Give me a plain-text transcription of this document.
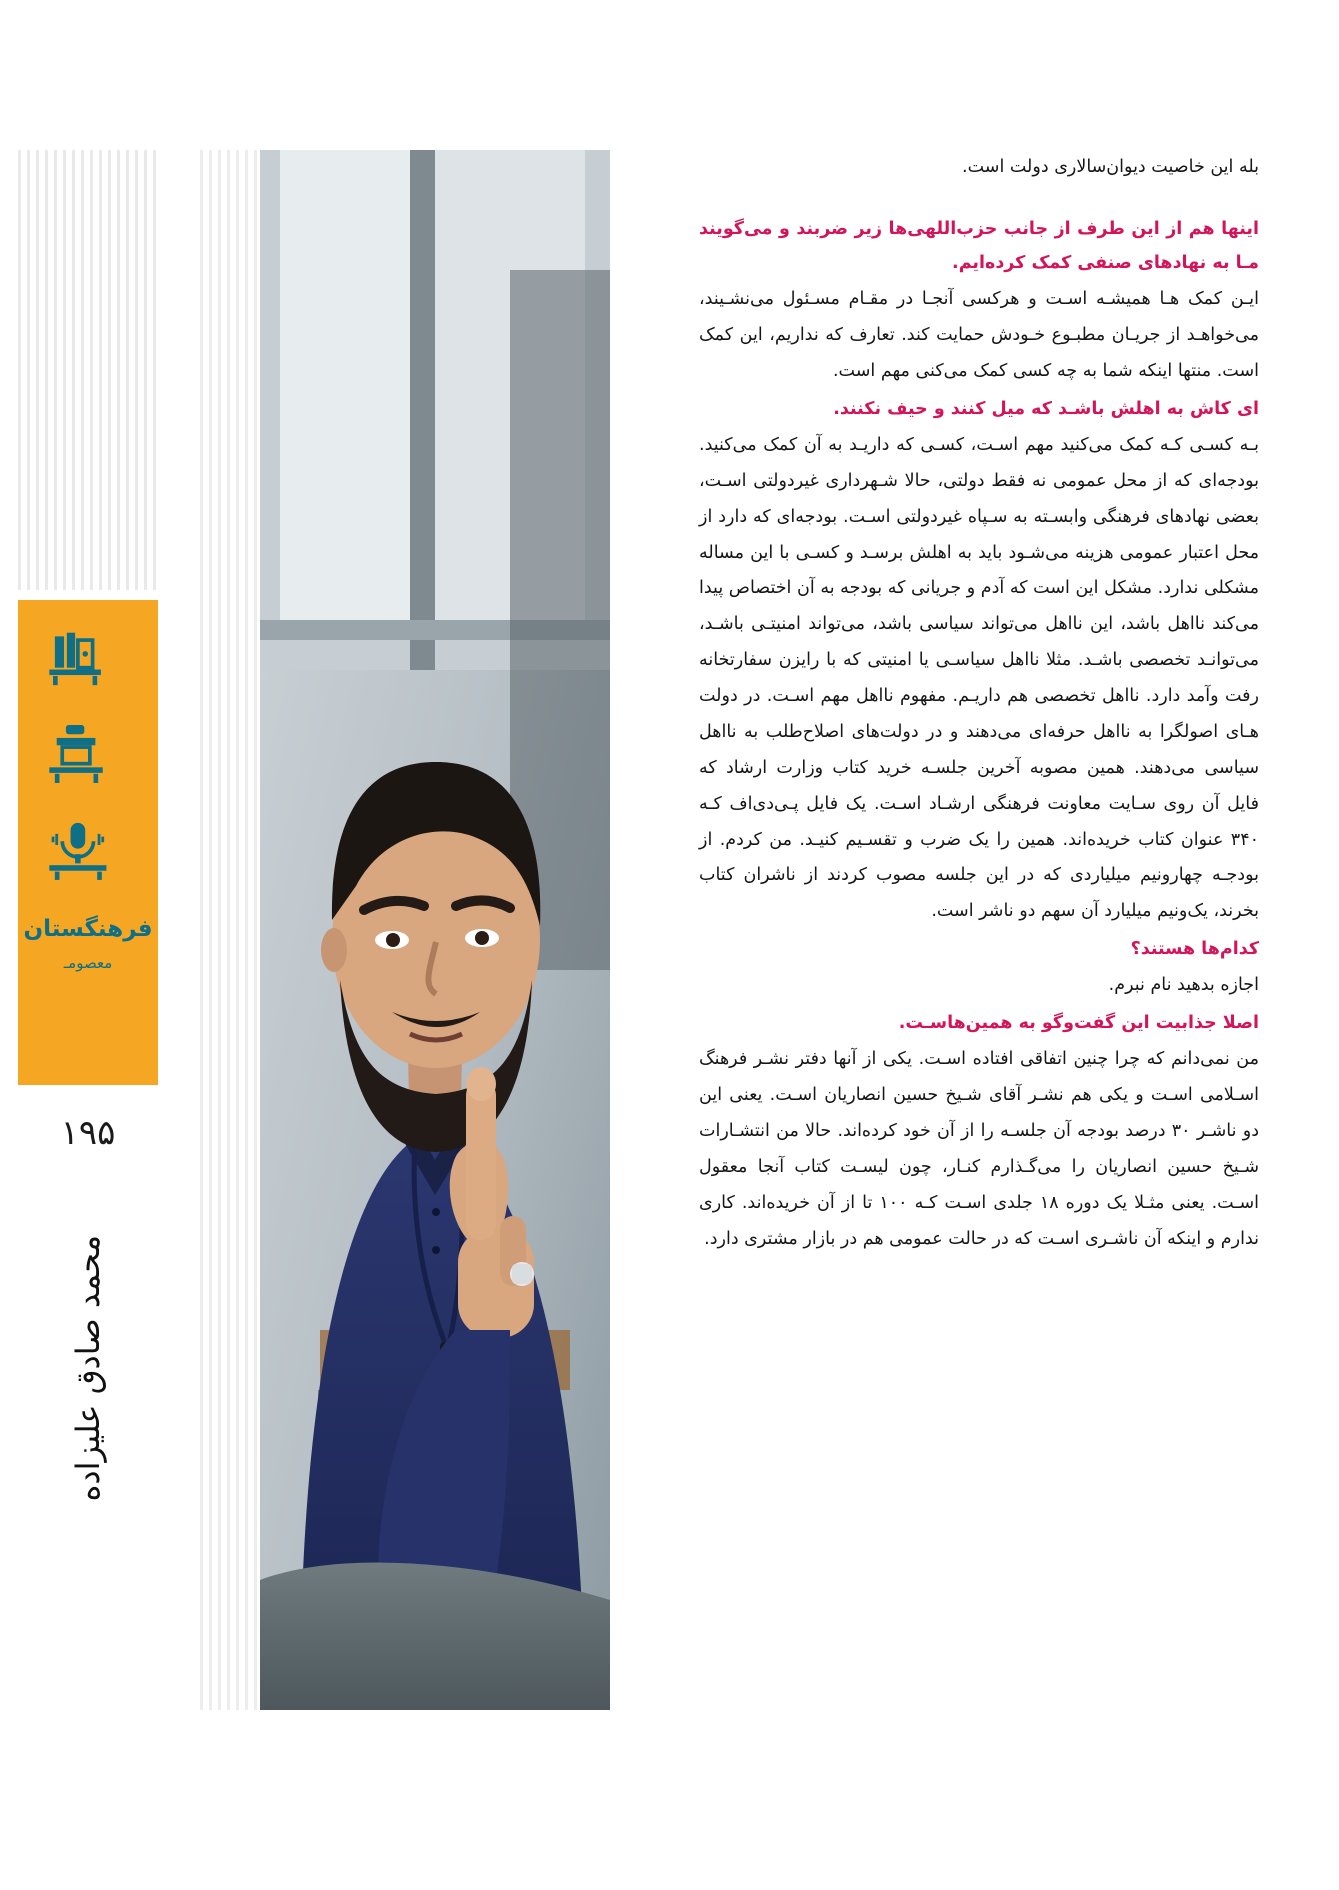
فرهنگستان
معصومـ
۱۹۵
محمد صادق علیزاده

بله این خاصیت دیوان‌سالاری دولت است.

اینها هم از این طرف از جانب حزب‌اللهی‌ها زیر ضربند و می‌گویند مـا به نهادهای صنفی کمک کرده‌ایم.

ایـن کمک هـا همیشـه اسـت و هرکسی آنجـا در مقـام مسـئول می‌نشـیند، می‌خواهـد از جریـان مطبـوع خـودش حمایت کند. تعارف که نداریم، این کمک است. منتها اینکه شما به چه کسی کمک می‌کنی مهم است.

ای کاش به اهلش باشـد که میل کنند و حیف نکنند.

بـه کسـی کـه کمک می‌کنید مهم اسـت، کسـی که داریـد به آن کمک می‌کنید. بودجه‌ای که از محل عمومی نه فقط دولتی، حالا شـهرداری غیردولتی اسـت، بعضی نهادهای فرهنگی وابسـته به سـپاه غیردولتی اسـت. بودجه‌ای که دارد از محل اعتبار عمومی هزینه می‌شـود باید به اهلش برسـد و کسـی با این مساله مشکلی ندارد. مشکل این است که آدم و جریانی که بودجه به آن اختصاص پیدا می‌کند نااهل باشد، این نااهل می‌تواند سیاسی باشد، می‌تواند امنیتـی باشـد، می‌توانـد تخصصی باشـد. مثلا نااهل سیاسـی یا امنیتی که با رایزن سفارتخانه رفت وآمد دارد. نااهل تخصصی هم داریـم. مفهوم نااهل مهم اسـت. در دولت هـای اصولگرا به نااهل حرفه‌ای می‌دهند و در دولت‌های اصلاح‌طلب به نااهل سیاسی می‌دهند. همین مصوبه آخرین جلسـه خرید کتاب وزارت ارشاد که فایل آن روی سـایت معاونت فرهنگی ارشـاد اسـت. یک فایل پـی‌دی‌اف کـه ۳۴۰ عنوان کتاب خریده‌اند. همین را یک ضرب و تقسـیم کنیـد. من کردم. از بودجـه چهارونیم میلیاردی که در این جلسه مصوب کردند از ناشران کتاب بخرند، یک‌ونیم میلیارد آن سهم دو ناشر است.

کدام‌ها هستند؟

اجازه بدهید نام نبرم.

اصلا جذابیت این گفت‌وگو به همین‌هاسـت.

من نمی‌دانم که چرا چنین اتفاقی افتاده اسـت. یکی از آنها دفتر نشـر فرهنگ اسـلامی اسـت و یکی هم نشـر آقای شـیخ حسین انصاریان اسـت. یعنی این دو ناشـر ۳۰ درصد بودجه آن جلسـه را از آن خود کرده‌اند. حالا من انتشـارات شـیخ حسین انصاریان را می‌گـذارم کنـار، چون لیسـت کتاب آنجا معقول اسـت. یعنی مثـلا یک دوره ۱۸ جلدی اسـت کـه ۱۰۰ تا از آن خریده‌اند. کاری ندارم و اینکه آن ناشـری اسـت که در حالت عمومی هم در بازار مشتری دارد.
